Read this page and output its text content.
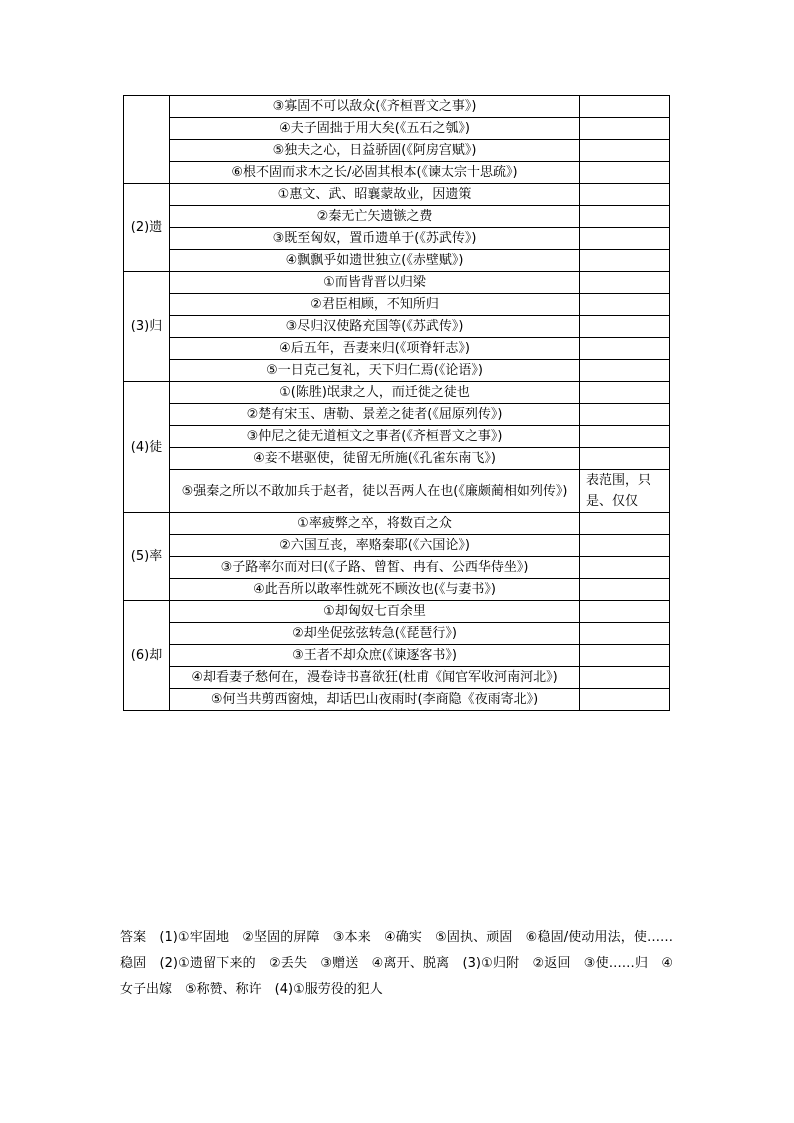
	③寡固不可以敌众(《齐桓晋文之事》)	
	④夫子固拙于用大矣(《五石之瓠》)	
	⑤独夫之心，日益骄固(《阿房宫赋》)	
	⑥根不固而求木之长/必固其根本(《谏太宗十思疏》)	
(2)遗	①惠文、武、昭襄蒙故业，因遗策	
	②秦无亡矢遗镞之费	
	③既至匈奴，置币遗单于(《苏武传》)	
	④飘飘乎如遗世独立(《赤壁赋》)	
(3)归	①而皆背晋以归梁	
	②君臣相顾，不知所归	
	③尽归汉使路充国等(《苏武传》)	
	④后五年，吾妻来归(《项脊轩志》)	
	⑤一日克己复礼，天下归仁焉(《论语》)	
(4)徒	①(陈胜)氓隶之人，而迁徙之徒也	
	②楚有宋玉、唐勒、景差之徒者(《屈原列传》)	
	③仲尼之徒无道桓文之事者(《齐桓晋文之事》)	
	④妾不堪驱使，徒留无所施(《孔雀东南飞》)	
	⑤强秦之所以不敢加兵于赵者，徒以吾两人在也(《廉颇蔺相如列传》)	表范围，只是、仅仅
(5)率	①率疲弊之卒，将数百之众	
	②六国互丧，率赂秦耶(《六国论》)	
	③子路率尔而对曰(《子路、曾皙、冉有、公西华侍坐》)	
	④此吾所以敢率性就死不顾汝也(《与妻书》)	
(6)却	①却匈奴七百余里	
	②却坐促弦弦转急(《琵琶行》)	
	③王者不却众庶(《谏逐客书》)	
	④却看妻子愁何在，漫卷诗书喜欲狂(杜甫《闻官军收河南河北》)	
	⑤何当共剪西窗烛，却话巴山夜雨时(李商隐《夜雨寄北》)	

答案　(1)①牢固地　②坚固的屏障　③本来　④确实　⑤固执、顽固　⑥稳固/使动用法，使……稳固　(2)①遗留下来的　②丢失　③赠送　④离开、脱离　(3)①归附　②返回　③使……归　④女子出嫁　⑤称赞、称许　(4)①服劳役的犯人
